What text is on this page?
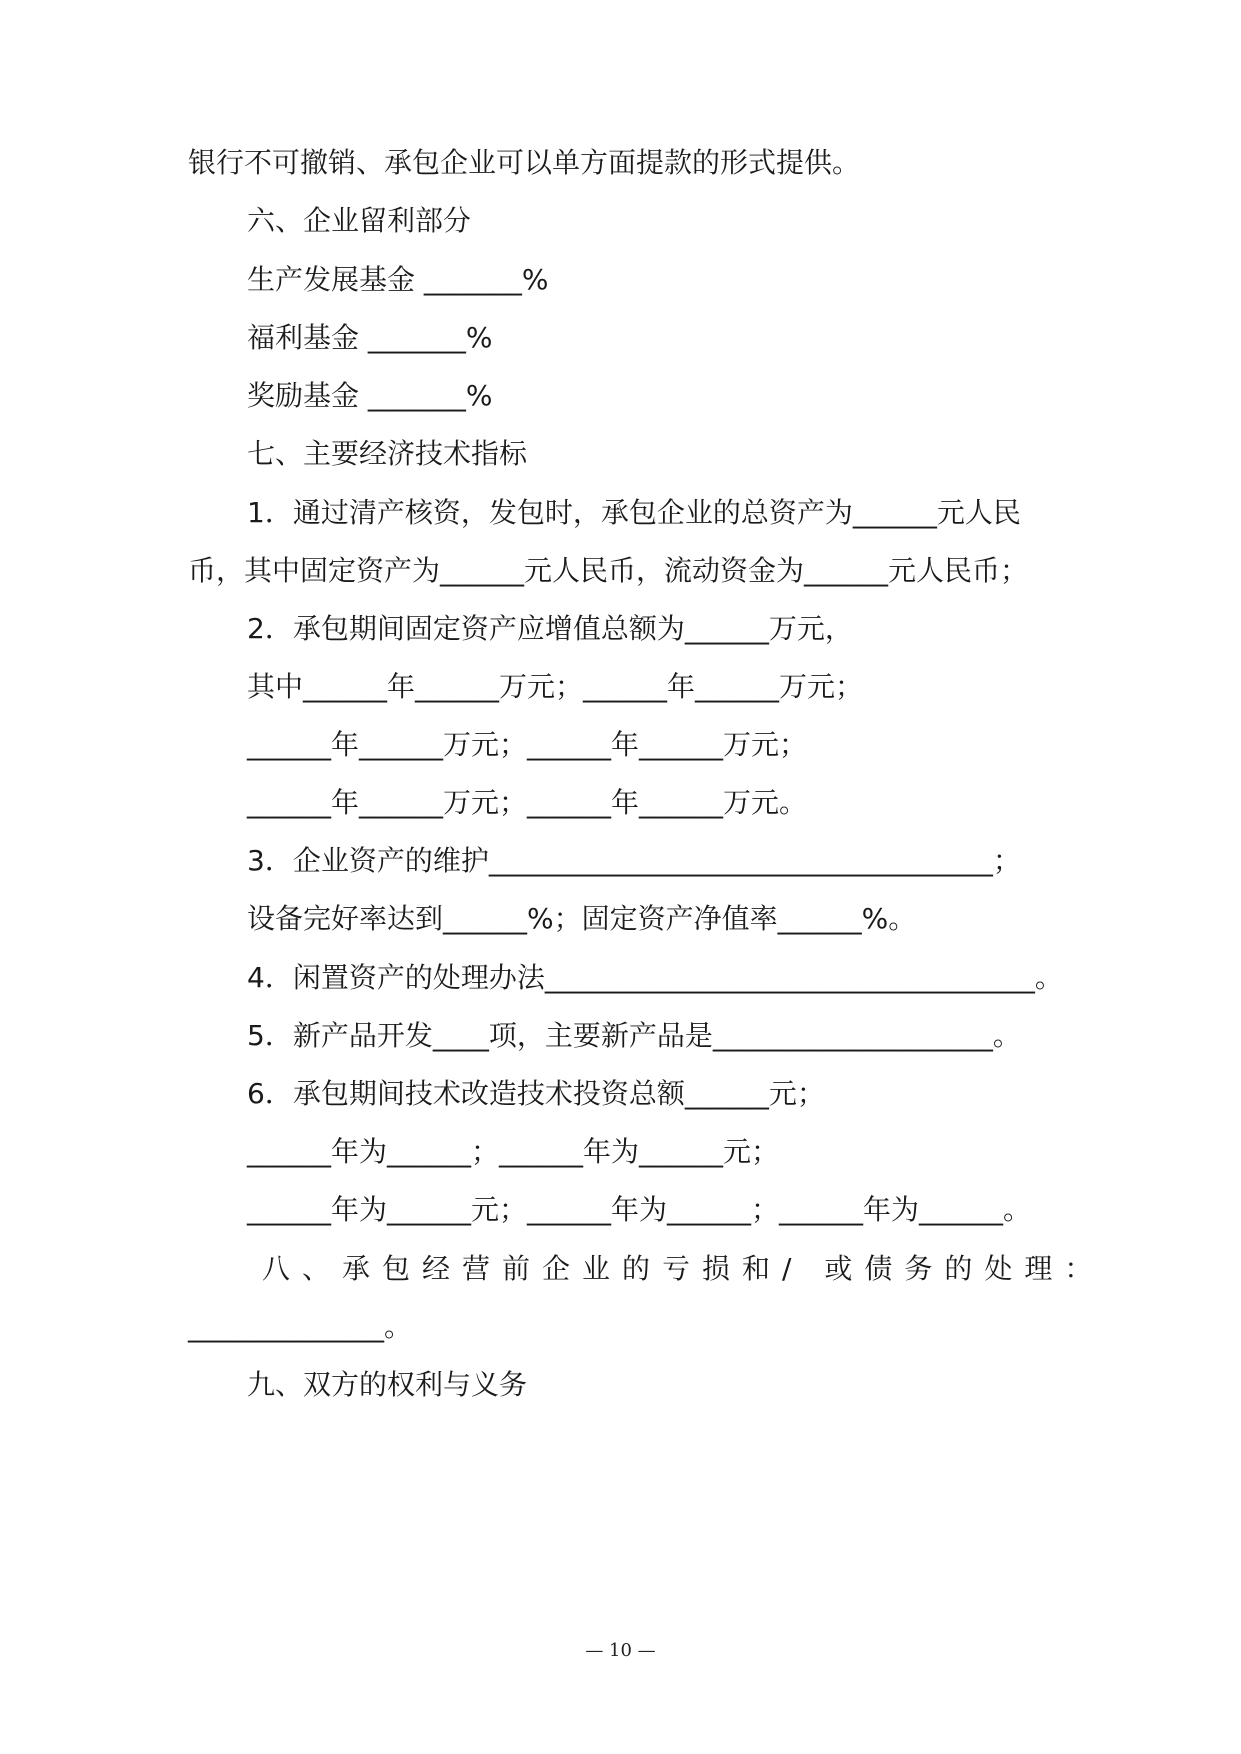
银行不可撤销、承包企业可以单方面提款的形式提供。

六、企业留利部分

生产发展基金 _______%

福利基金 _______%

奖励基金 _______%

七、主要经济技术指标

1．通过清产核资，发包时，承包企业的总资产为______元人民

币，其中固定资产为______元人民币，流动资金为______元人民币；

2．承包期间固定资产应增值总额为______万元，

其中______年______万元；______年______万元；

______年______万元；______年______万元；

______年______万元；______年______万元。

3．企业资产的维护____________________________________；

设备完好率达到______%；固定资产净值率______%。

4．闲置资产的处理办法___________________________________。

5．新产品开发____项，主要新产品是____________________。

6．承包期间技术改造技术投资总额______元；

______年为______；______年为______元；

______年为______元；______年为______；______年为______。

八、承包经营前企业的亏损和/ 或债务的处理：

______________。

九、双方的权利与义务

— 10 —
